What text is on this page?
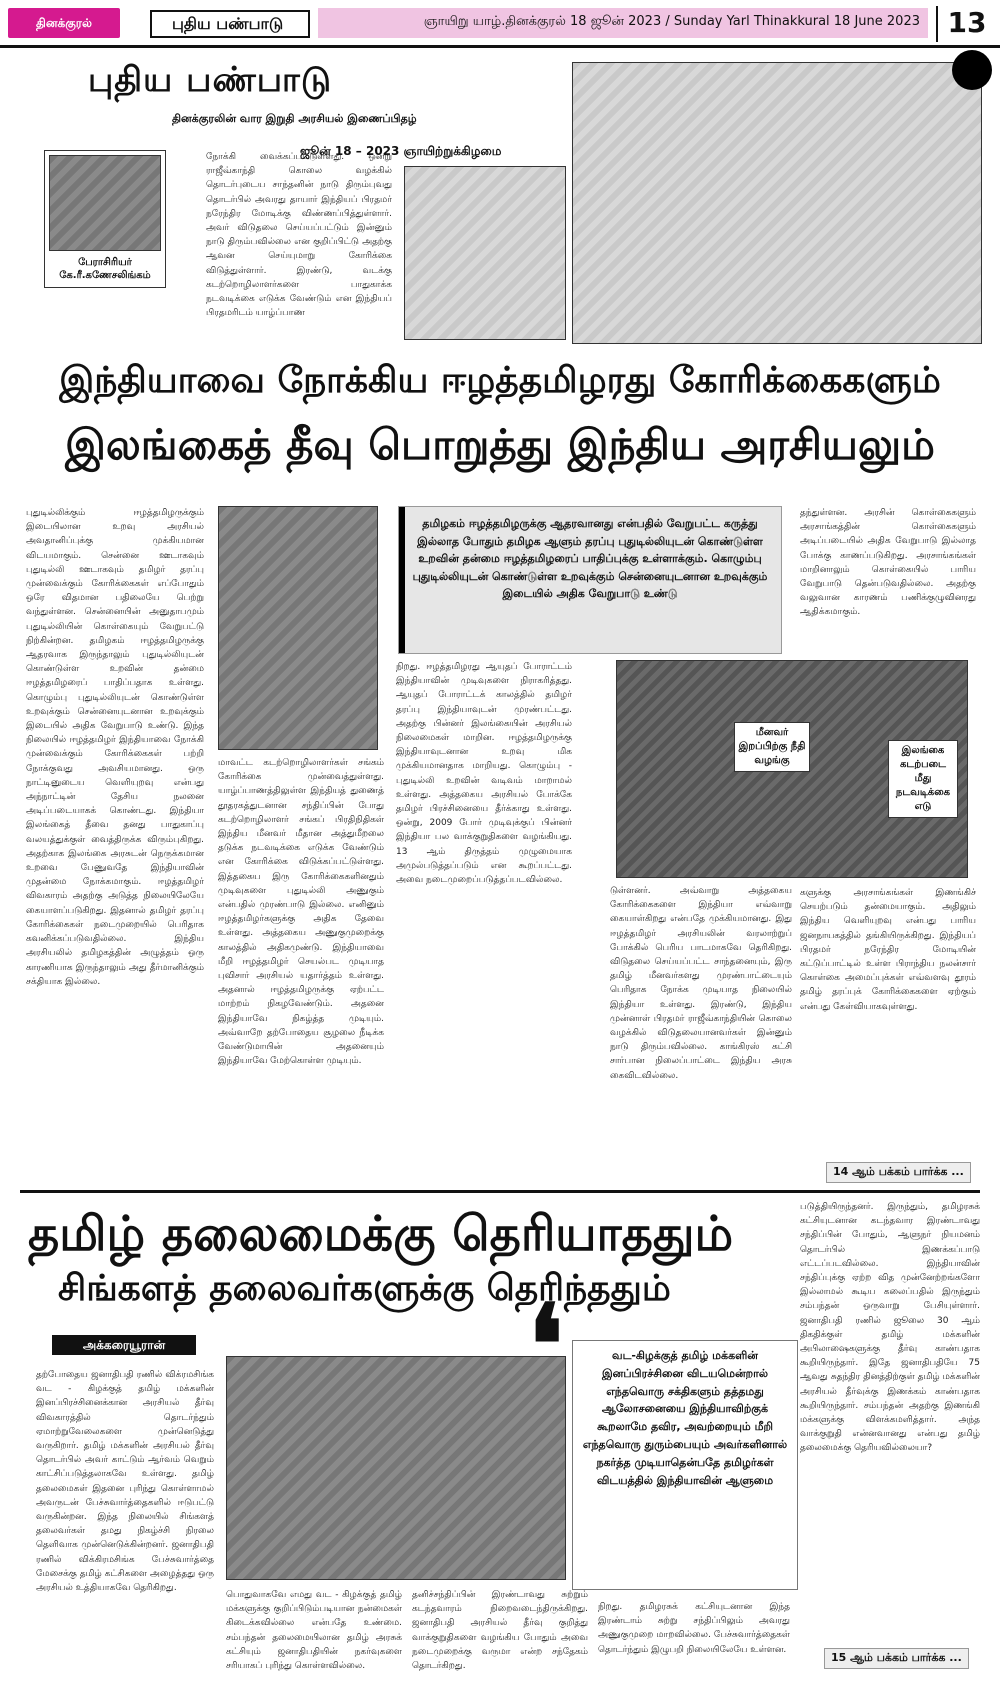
தினக்குரல்	புதிய பண்பாடு	ஞாயிறு யாழ்.தினக்குரல் 18 ஜூன் 2023 / Sunday Yarl Thinakkural 18 June 2023 13
புதிய பண்பாடு
தினக்குரலின் வார இறுதி அரசியல் இணைப்பிதழ்
ஜூன் 18 – 2023 ஞாயிற்றுக்கிழமை
பேராசிரியர்
கே.ரீ.கணேசலிங்கம்
நோக்கி வைக்கப்பட்டுள்ளது. ஒன்று ராஜீவ்காந்தி கொலை வழக்கில் தொடர்புடைய சாந்தனின் நாடு திரும்புவது தொடர்பில் அவரது தாயார் இந்தியப் பிரதமர் நரேந்திர மோடிக்கு விண்ணப்பித்துள்ளார். அவர் விடுதலை செய்யப்பட்டும் இன்னும் நாடு திரும்பவில்லை என குறிப்பிட்டு அதற்கு ஆவன செய்யுமாறு கோரிக்கை விடுத்துள்ளார். இரண்டு, வடக்கு கடற்றொழிலாளர்களை பாதுகாக்க நடவடிக்கை எடுக்க வேண்டும் என இந்தியப் பிரதமரிடம் யாழ்ப்பாண
இந்தியாவை நோக்கிய ஈழத்தமிழரது கோரிக்கைகளும்
இலங்கைத் தீவு பொறுத்து இந்திய அரசியலும்
புதுடில்லிக்கும் ஈழத்தமிழருக்கும் இடையிலான உறவு அரசியல் அவதானிப்புக்கு முக்கியமான விடயமாகும். சென்னை ஊடாகவும் புதுடில்லி ஊடாகவும் தமிழர் தரப்பு முன்வைக்கும் கோரிக்கைகள் எப்போதும் ஒரே விதமான பதிலையே பெற்று வந்துள்ளன. சென்னையின் அனுதாபமும் புதுடில்லியின் கொள்கையும் வேறுபட்டு நிற்கின்றன. தமிழகம் ஈழத்தமிழருக்கு ஆதரவாக இருந்தாலும் புதுடில்லியுடன் கொண்டுள்ள உறவின் தன்மை ஈழத்தமிழரைப் பாதிப்பதாக உள்ளது. கொழும்பு புதுடில்லியுடன் கொண்டுள்ள உறவுக்கும் சென்னையுடனான உறவுக்கும் இடையில் அதிக வேறுபாடு உண்டு. இந்த நிலையில் ஈழத்தமிழர் இந்தியாவை நோக்கி முன்வைக்கும் கோரிக்கைகள் பற்றி நோக்குவது அவசியமானது. ஒரு நாட்டினுடைய வெளியுறவு என்பது அந்நாட்டின் தேசிய நலனை அடிப்படையாகக் கொண்டது. இந்தியா இலங்கைத் தீவை தனது பாதுகாப்பு வலயத்துக்குள் வைத்திருக்க விரும்புகிறது. அதற்காக இலங்கை அரசுடன் நெருக்கமான உறவை பேணுவதே இந்தியாவின் முதன்மை நோக்கமாகும். ஈழத்தமிழர் விவகாரம் அதற்கு அடுத்த நிலையிலேயே கையாளப்படுகிறது. இதனால் தமிழர் தரப்பு கோரிக்கைகள் நடைமுறையில் பெரிதாக கவனிக்கப்படுவதில்லை. இந்திய அரசியலில் தமிழகத்தின் அழுத்தம் ஒரு காரணியாக இருந்தாலும் அது தீர்மானிக்கும் சக்தியாக இல்லை.
மாவட்ட கடற்றொழிலாளர்கள் சங்கம் கோரிக்கை முன்வைத்துள்ளது. யாழ்ப்பாணத்திலுள்ள இந்தியத் துணைத் தூதரகத்துடனான சந்திப்பின் போது கடற்றொழிலாளர் சங்கப் பிரதிநிதிகள் இந்திய மீனவர் மீதான அத்துமீறலை தடுக்க நடவடிக்கை எடுக்க வேண்டும் என கோரிக்கை விடுக்கப்பட்டுள்ளது. இத்தகைய இரு கோரிக்கைகளினதும் முடிவுகளை புதுடில்லி அணுகும் என்பதில் முரண்பாடு இல்லை. எனினும் ஈழத்தமிழர்களுக்கு அதிக தேவை உள்ளது. அத்தகைய அணுகுமுறைக்கு காலத்தில் அதிகமுண்டு. இந்தியாவை மீறி ஈழத்தமிழர் செயல்பட முடியாத புவிசார் அரசியல் யதார்த்தம் உள்ளது. அதனால் ஈழத்தமிழருக்கு ஏற்பட்ட மாற்றம் நிகழவேண்டும். அதனை இந்தியாவே நிகழ்த்த முடியும். அவ்வாறே தற்போதைய சூழலை நீடிக்க வேண்டுமாயின் அதனையும் இந்தியாவே மேற்கொள்ள முடியும்.
தமிழகம் ஈழத்தமிழருக்கு ஆதரவானது என்பதில் வேறுபட்ட கருத்து இல்லாத போதும் தமிழக ஆளும் தரப்பு புதுடில்லியுடன் கொண்டுள்ள உறவின் தன்மை ஈழத்தமிழரைப் பாதிப்புக்கு உள்ளாக்கும். கொழும்பு புதுடில்லியுடன் கொண்டுள்ள உறவுக்கும் சென்னையுடனான உறவுக்கும் இடையில் அதிக வேறுபாடு உண்டு
நிறது. ஈழத்தமிழரது ஆயுதப் போராட்டம் இந்தியாவின் முடிவுகளை நிராகரித்தது. ஆயுதப் போராட்டக் காலத்தில் தமிழர் தரப்பு இந்தியாவுடன் முரண்பட்டது. அதற்கு பின்னர் இலங்கையின் அரசியல் நிலைமைகள் மாறின. ஈழத்தமிழருக்கு இந்தியாவுடனான உறவு மிக முக்கியமானதாக மாறியது. கொழும்பு - புதுடில்லி உறவின் வடிவம் மாறாமல் உள்ளது. அத்தகைய அரசியல் போக்கே தமிழர் பிரச்சினையை தீர்க்காது உள்ளது. ஒன்று, 2009 போர் முடிவுக்குப் பின்னர் இந்தியா பல வாக்குறுதிகளை வழங்கியது. 13 ஆம் திருத்தம் முழுமையாக அமுல்படுத்தப்படும் என கூறப்பட்டது. அவை நடைமுறைப்படுத்தப்படவில்லை.
மீனவர் இறப்பிற்கு நீதி வழங்கு
இலங்கை கடற்படை மீது நடவடிக்கை எடு
டுள்ளனர். அவ்வாறு அத்தகைய கோரிக்கைகளை இந்தியா எவ்வாறு கையாள்கிறது என்பதே முக்கியமானது. இது ஈழத்தமிழர் அரசியலின் வரலாற்றுப் போக்கில் பெரிய பாடமாகவே தெரிகிறது. விடுதலை செய்யப்பட்ட சாந்தனையும், இரு தமிழ் மீனவர்களது முரண்பாட்டையும் பெரிதாக நோக்க முடியாத நிலையில் இந்தியா உள்ளது. இரண்டு, இந்திய முன்னாள் பிரதமர் ராஜீவ்காந்தியின் கொலை வழக்கில் விடுதலையானவர்கள் இன்னும் நாடு திரும்பவில்லை. காங்கிரஸ் கட்சி சார்பான நிலைப்பாட்டை இந்திய அரசு கைவிடவில்லை.
தந்துள்ளன. அரசின் கொள்கைகளும் அரசாங்கத்தின் கொள்கைகளும் அடிப்படையில் அதிக வேறுபாடு இல்லாத போக்கு காணப்படுகிறது. அரசாங்கங்கள் மாறினாலும் கொள்கையில் பாரிய வேறுபாடு தென்படுவதில்லை. அதற்கு வலுவான காரணம் பணிக்குழுவினரது ஆதிக்கமாகும்.
களுக்கு அரசாங்கங்கள் இணங்கிச் செயற்படும் தன்மையாகும். அதிலும் இந்திய வெளியுறவு என்பது பாரிய ஜனநாயகத்தில் தங்கியிருக்கிறது. இந்தியப் பிரதமர் நரேந்திர மோடியின் கட்டுப்பாட்டில் உள்ள பிராந்திய நலன்சார் கொள்கை அமைப்புக்கள் எவ்வளவு தூரம் தமிழ் தரப்புக் கோரிக்கைகளை ஏற்கும் என்பது கேள்வியாகவுள்ளது.
14 ஆம் பக்கம் பார்க்க ...
தமிழ் தலைமைக்கு தெரியாததும்
சிங்களத் தலைவர்களுக்கு தெரிந்ததும்
அக்கரையூரான்
தற்போதைய ஜனாதிபதி ரணில் விக்ரமசிங்க வட - கிழக்குத் தமிழ் மக்களின் இனப்பிரச்சினைக்கான அரசியல் தீர்வு விவகாரத்தில் தொடர்ந்தும் ஏமாற்றுவேலைகளை முன்னெடுத்து வருகிறார். தமிழ் மக்களின் அரசியல் தீர்வு தொடர்பில் அவர் காட்டும் ஆர்வம் வெறும் காட்சிப்படுத்தலாகவே உள்ளது. தமிழ் தலைமைகள் இதனை புரிந்து கொள்ளாமல் அவருடன் பேச்சுவார்த்தைகளில் ஈடுபட்டு வருகின்றன. இந்த நிலையில் சிங்களத் தலைவர்கள் தமது நிகழ்ச்சி நிரலை தெளிவாக முன்னெடுக்கின்றனர். ஜனாதிபதி ரணில் விக்கிரமசிங்க பேச்சுவார்த்தை மேசைக்கு தமிழ் கட்சிகளை அழைத்தது ஒரு அரசியல் உத்தியாகவே தெரிகிறது.
❛	வட-கிழக்குத் தமிழ் மக்களின் இனப்பிரச்சினை விடயமென்றால் எந்தவொரு சக்திகளும் தத்தமது ஆலோசனையை இந்தியாவிற்குக் கூறலாமே தவிர, அவற்றையும் மீறி எந்தவொரு துரும்பையும் அவர்களினால் நகர்த்த முடியாதென்பதே தமிழர்கள் விடயத்தில் இந்தியாவின் ஆளுமை
பொதுவாகவே எமது வட - கிழக்குத் தமிழ் மக்களுக்கு குறிப்பிடும்படியான நன்மைகள் கிடைக்கவில்லை என்பதே உண்மை. சம்பந்தன் தலைமையிலான தமிழ் அரசுக் கட்சியும் ஜனாதிபதியின் நகர்வுகளை சரியாகப் புரிந்து கொள்ளவில்லை.
தனிச்சந்திப்பின் இரண்டாவது சுற்றும் கடந்தவாரம் நிறைவடைந்திருக்கிறது. ஜனாதிபதி அரசியல் தீர்வு குறித்து வாக்குறுதிகளை வழங்கிய போதும் அவை நடைமுறைக்கு வருமா என்ற சந்தேகம் தொடர்கிறது.
நிறது. தமிழரசுக் கட்சியுடனான இந்த இரண்டாம் சுற்று சந்திப்பிலும் அவரது அணுகுமுறை மாறவில்லை. பேச்சுவார்த்தைகள் தொடர்ந்தும் இழுபறி நிலையிலேயே உள்ளன.
படுத்தியிருந்தனர். இருந்தும், தமிழரசுக் கட்சியுடனான கடந்தவார இரண்டாவது சந்திப்பின் போதும், ஆளுநர் நியமனம் தொடர்பில் இணக்கப்பாடு எட்டப்படவில்லை. இந்தியாவின் சந்திப்புக்கு ஏற்ற வித முன்னேற்றங்களோ இல்லாமல் கூடிய கலைப்பதில் இருந்தும் சம்பந்தன் ஒருவாறு பேசியுள்ளார். ஜனாதிபதி ரணில் ஜூலை 30 ஆம் திகதிக்குள் தமிழ் மக்களின் அபிலாஷைகளுக்கு தீர்வு காண்பதாக கூறியிருந்தார். இதே ஜனாதிபதியே 75 ஆவது சுதந்திர தினத்திற்குள் தமிழ் மக்களின் அரசியல் தீர்வுக்கு இணக்கம் காண்பதாக கூறியிருந்தார். சம்பந்தன் அதற்கு இணங்கி மக்களுக்கு விளக்கமளித்தார். அந்த வாக்குறுதி என்னவானது என்பது தமிழ் தலைமைக்கு தெரியவில்லையா?
15 ஆம் பக்கம் பார்க்க ...
